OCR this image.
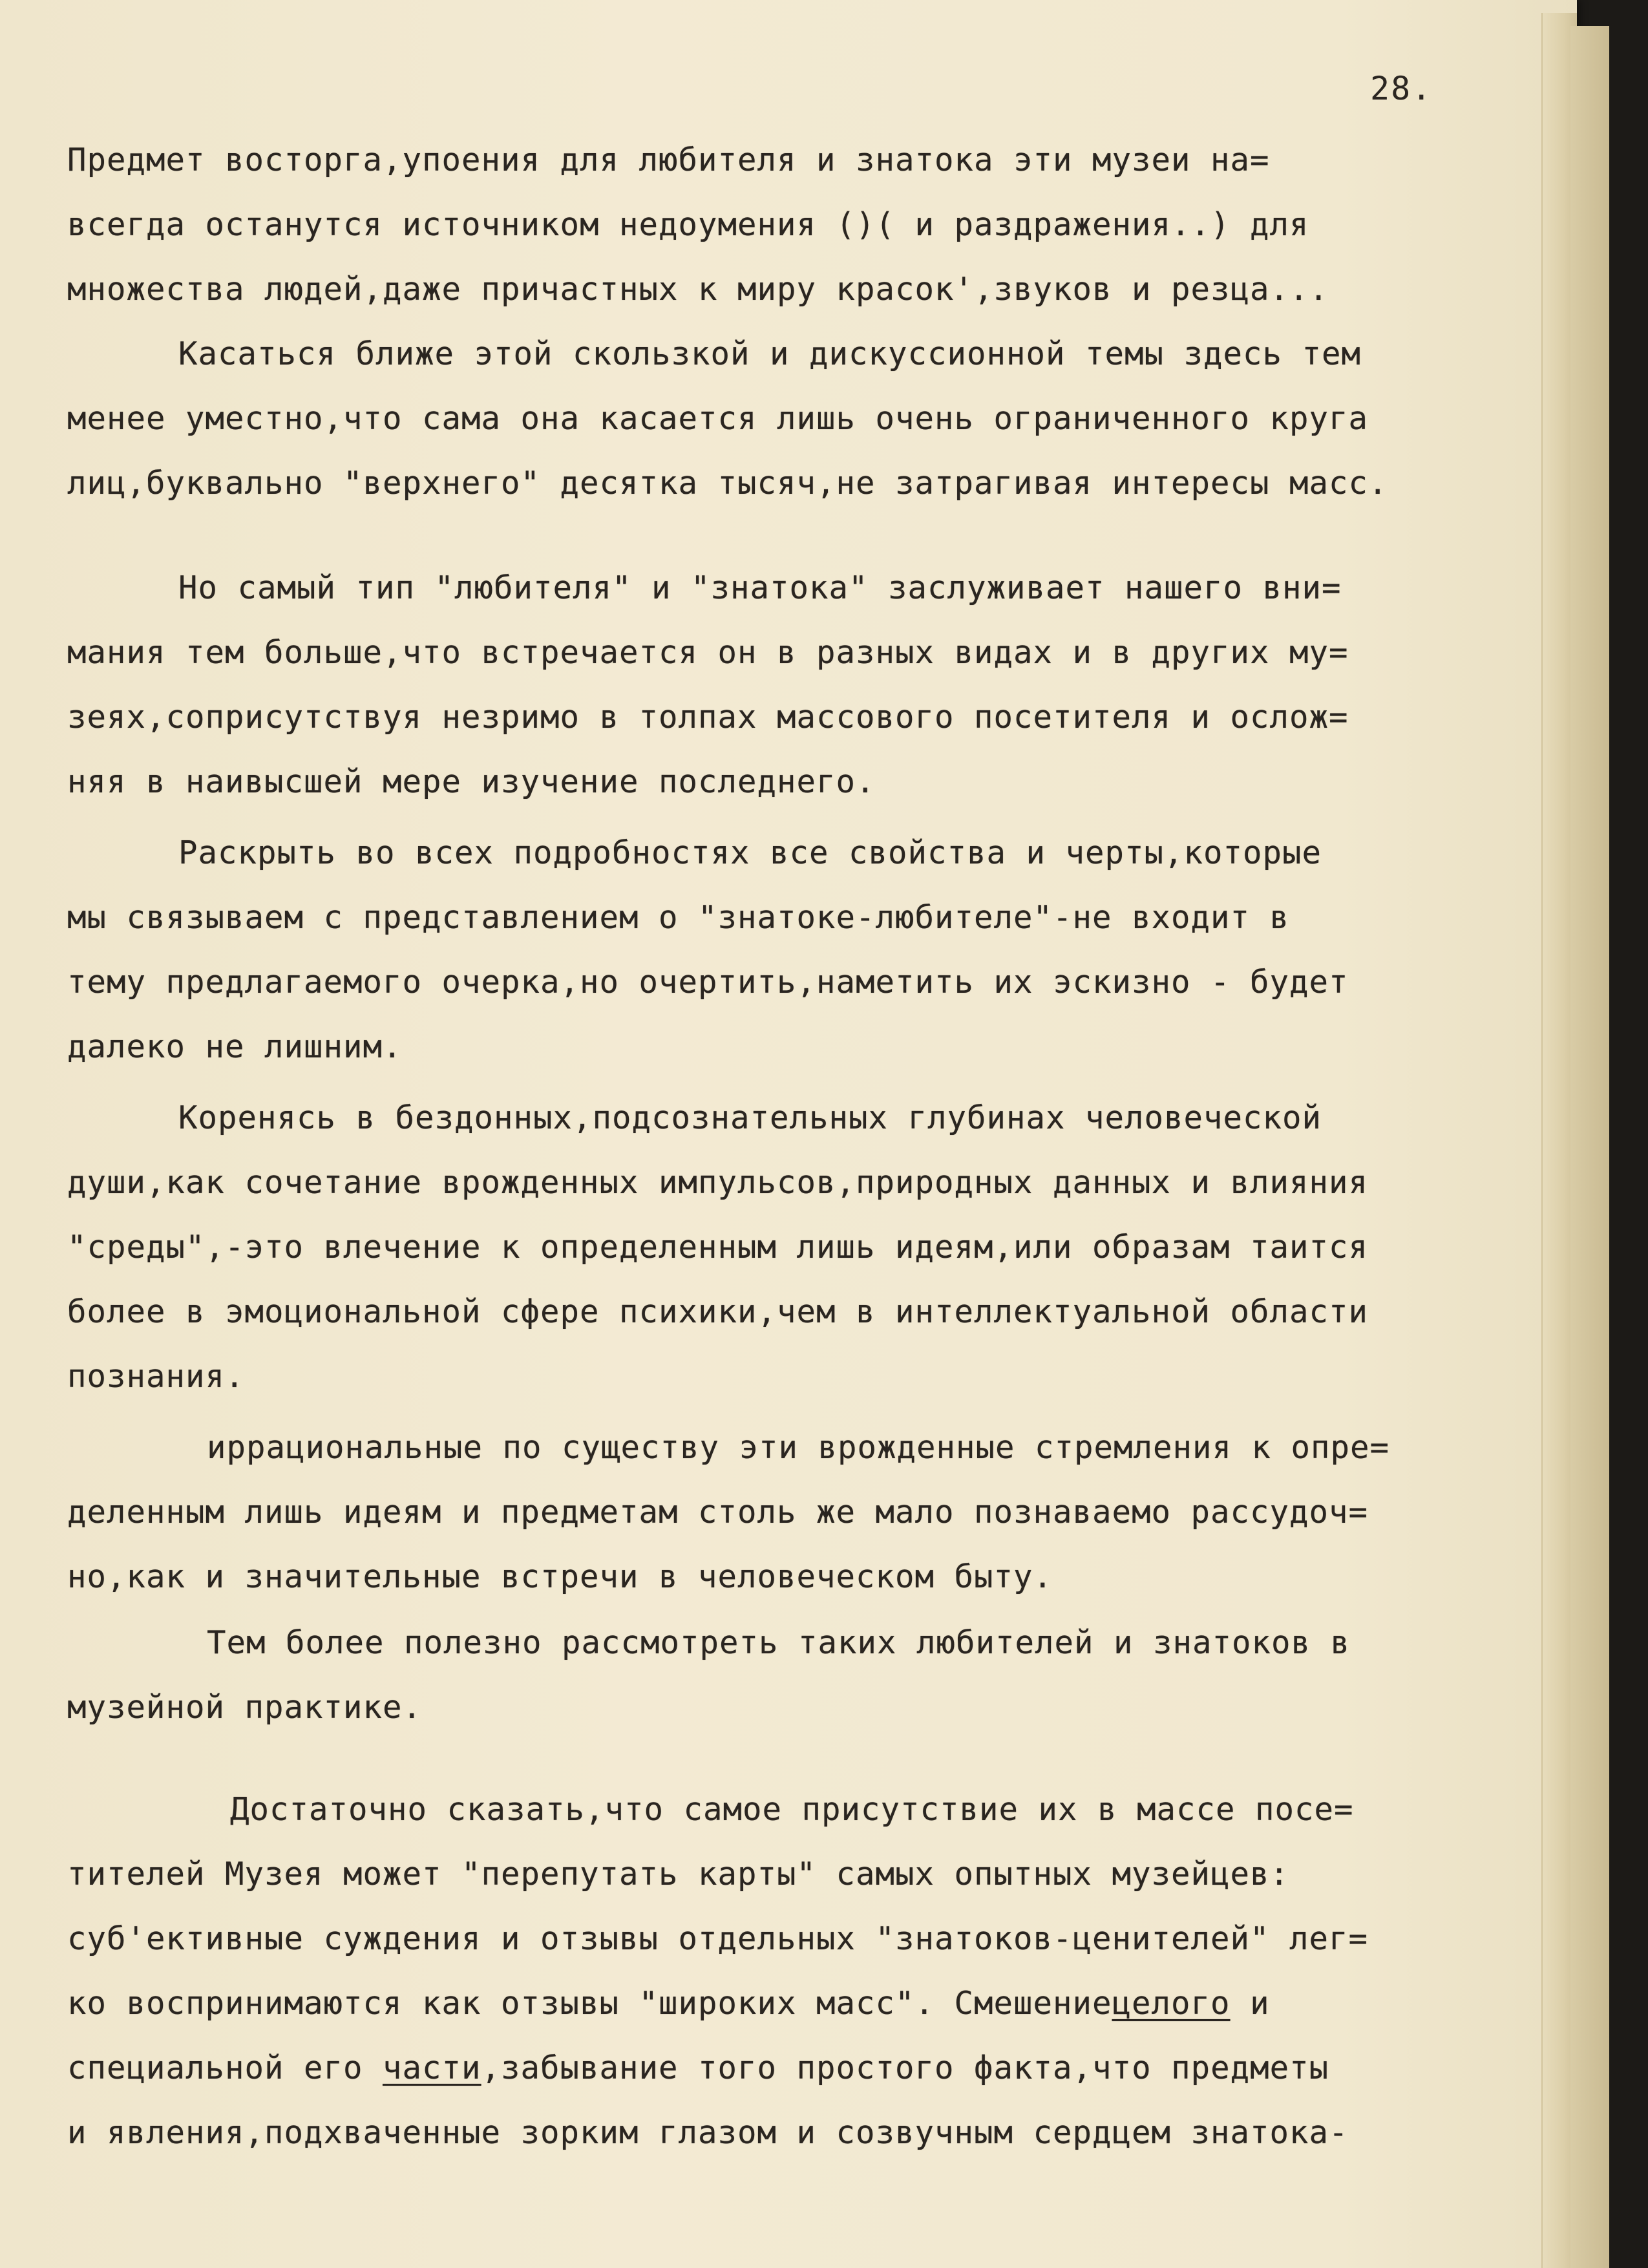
28.
Предмет восторга,упоения для любителя и знатока эти музеи на=
всегда останутся источником недоумения ()( и раздражения..) для
множества людей,даже причастных к миру красок',звуков и резца...
Касаться ближе этой скользкой и дискуссионной темы здесь тем
менее уместно,что сама она касается лишь очень ограниченного круга
лиц,буквально "верхнего" десятка тысяч,не затрагивая интересы масс.
Но самый тип "любителя" и "знатока" заслуживает нашего вни=
мания тем больше,что встречается он в разных видах и в других му=
зеях,соприсутствуя незримо в толпах массового посетителя и ослож=
няя в наивысшей мере изучение последнего.
Раскрыть во всех подробностях все свойства и черты,которые
мы связываем с представлением о "знатоке-любителе"-не входит в
тему предлагаемого очерка,но очертить,наметить их эскизно - будет
далеко не лишним.
Коренясь в бездонных,подсознательных глубинах человеческой
души,как сочетание врожденных импульсов,природных данных и влияния
"среды",-это влечение к определенным лишь идеям,или образам таится
более в эмоциональной сфере психики,чем в интеллектуальной области
познания.
иррациональные по существу эти врожденные стремления к опре=
деленным лишь идеям и предметам столь же мало познаваемо рассудоч=
но,как и значительные встречи в человеческом быту.
Тем более полезно рассмотреть таких любителей и знатоков в
музейной практике.
Достаточно сказать,что самое присутствие их в массе посе=
тителей Музея может "перепутать карты" самых опытных музейцев:
суб'ективные суждения и отзывы отдельных "знатоков-ценителей" лег=
ко воспринимаются как отзывы "широких масс". Смешениецелого и
специальной его части,забывание того простого факта,что предметы
и явления,подхваченные зорким глазом и созвучным сердцем знатока-
